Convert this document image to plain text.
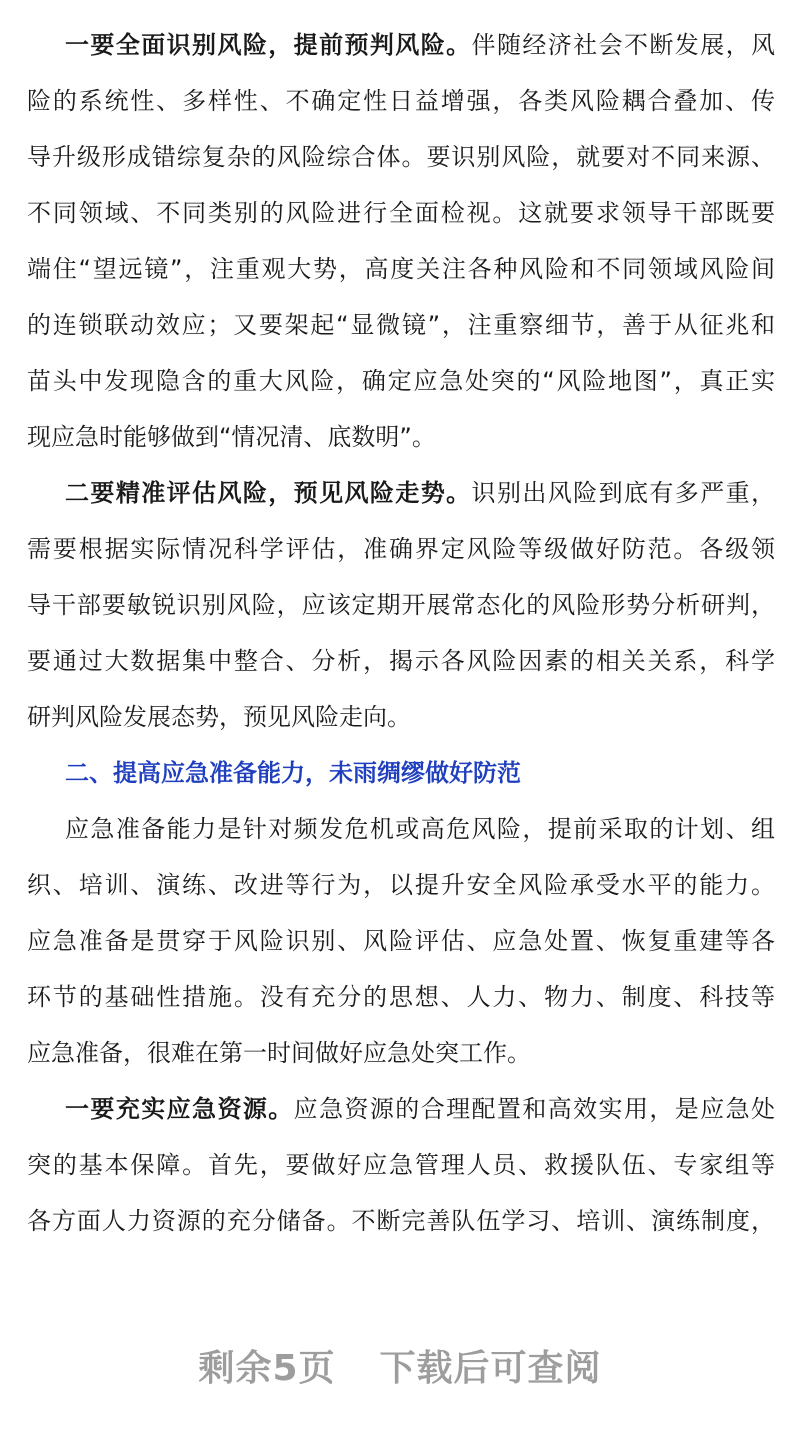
一要全面识别风险，提前预判风险。伴随经济社会不断发展，风
险的系统性、多样性、不确定性日益增强，各类风险耦合叠加、传
导升级形成错综复杂的风险综合体。要识别风险，就要对不同来源、
不同领域、不同类别的风险进行全面检视。这就要求领导干部既要
端住“望远镜”，注重观大势，高度关注各种风险和不同领域风险间
的连锁联动效应；又要架起“显微镜”，注重察细节，善于从征兆和
苗头中发现隐含的重大风险，确定应急处突的“风险地图”，真正实
现应急时能够做到“情况清、底数明”。
二要精准评估风险，预见风险走势。识别出风险到底有多严重，
需要根据实际情况科学评估，准确界定风险等级做好防范。各级领
导干部要敏锐识别风险，应该定期开展常态化的风险形势分析研判，
要通过大数据集中整合、分析，揭示各风险因素的相关关系，科学
研判风险发展态势，预见风险走向。
二、提高应急准备能力，未雨绸缪做好防范
应急准备能力是针对频发危机或高危风险，提前采取的计划、组
织、培训、演练、改进等行为，以提升安全风险承受水平的能力。
应急准备是贯穿于风险识别、风险评估、应急处置、恢复重建等各
环节的基础性措施。没有充分的思想、人力、物力、制度、科技等
应急准备，很难在第一时间做好应急处突工作。
一要充实应急资源。应急资源的合理配置和高效实用，是应急处
突的基本保障。首先，要做好应急管理人员、救援队伍、专家组等
各方面人力资源的充分储备。不断完善队伍学习、培训、演练制度，
剩余5页 下载后可查阅
